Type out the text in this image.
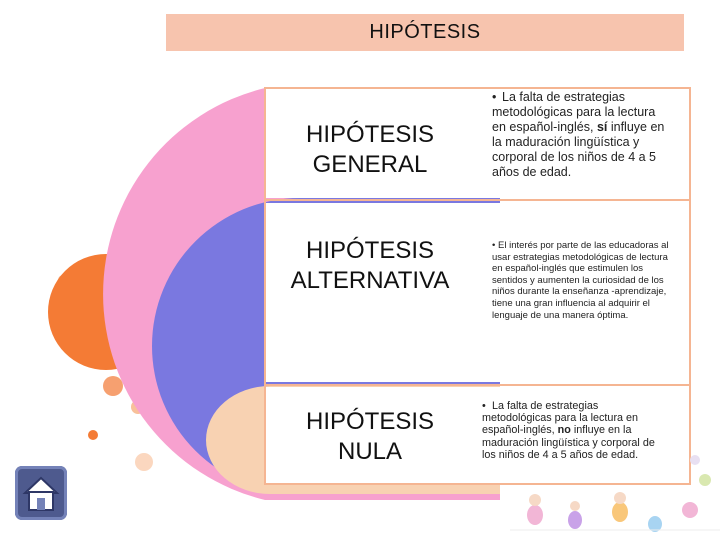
HIPÓTESIS
HIPÓTESIS
GENERAL
HIPÓTESIS
ALTERNATIVA
HIPÓTESIS
NULA
• La falta de estrategias metodológicas para la lectura en español-inglés, sí influye en la maduración lingüística y corporal de los niños de 4 a 5 años de edad.
• El interés por parte de las educadoras al usar estrategias metodológicas de lectura en español-inglés que estimulen los sentidos y aumenten la curiosidad de los niños durante la enseñanza -aprendizaje, tiene una gran influencia al adquirir el lenguaje de una manera óptima.
• La falta de estrategias metodológicas para la lectura en español-inglés, no influye en la maduración lingüística y corporal de los niños de 4 a 5 años de edad.
